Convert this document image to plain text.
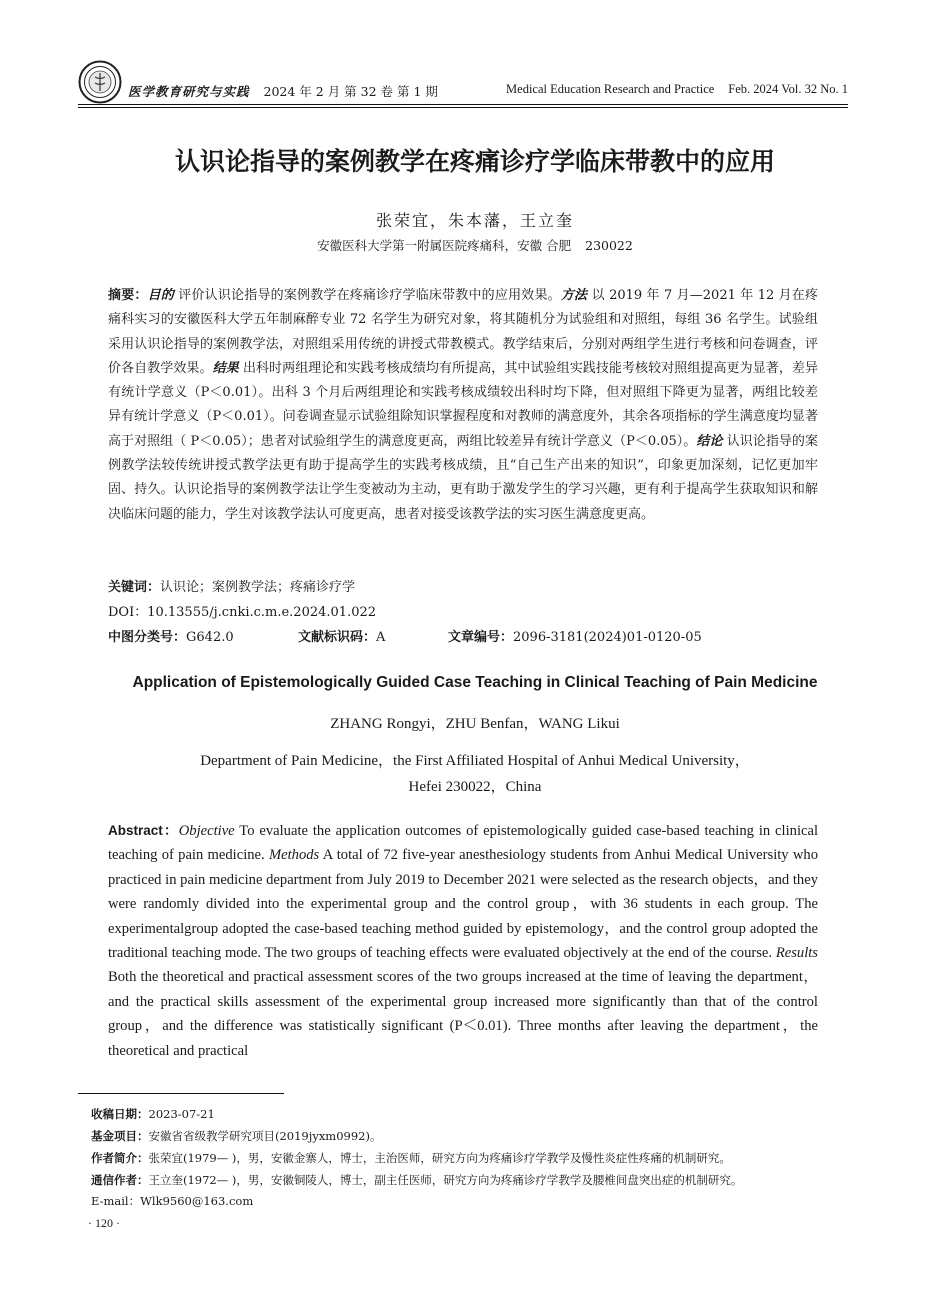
医学教育研究与实践 2024 年 2 月 第 32 卷 第 1 期	Medical Education Research and Practice Feb. 2024 Vol. 32 No. 1
认识论指导的案例教学在疼痛诊疗学临床带教中的应用
张荣宜，朱本藩，王立奎
安徽医科大学第一附属医院疼痛科，安徽 合肥 230022
摘要：目的 评价认识论指导的案例教学在疼痛诊疗学临床带教中的应用效果。方法 以 2019 年 7 月—2021 年 12 月在疼痛科实习的安徽医科大学五年制麻醉专业 72 名学生为研究对象，将其随机分为试验组和对照组，每组 36 名学生。试验组采用认识论指导的案例教学法，对照组采用传统的讲授式带教模式。教学结束后，分别对两组学生进行考核和问卷调查，评价各自教学效果。结果 出科时两组理论和实践考核成绩均有所提高，其中试验组实践技能考核较对照组提高更为显著，差异有统计学意义（P＜0.01）。出科 3 个月后两组理论和实践考核成绩较出科时均下降，但对照组下降更为显著，两组比较差异有统计学意义（P＜0.01）。问卷调查显示试验组除知识掌握程度和对教师的满意度外，其余各项指标的学生满意度均显著高于对照组（ P＜0.05）；患者对试验组学生的满意度更高，两组比较差异有统计学意义（P＜0.05）。结论 认识论指导的案例教学法较传统讲授式教学法更有助于提高学生的实践考核成绩，且“自己生产出来的知识”，印象更加深刻，记忆更加牢固、持久。认识论指导的案例教学法让学生变被动为主动，更有助于激发学生的学习兴趣，更有利于提高学生获取知识和解决临床问题的能力，学生对该教学法认可度更高，患者对接受该教学法的实习医生满意度更高。
关键词：认识论；案例教学法；疼痛诊疗学
DOI：10.13555/j.cnki.c.m.e.2024.01.022
中图分类号：G642.0	文献标识码：A	文章编号：2096-3181(2024)01-0120-05
Application of Epistemologically Guided Case Teaching in Clinical Teaching of Pain Medicine
ZHANG Rongyi，ZHU Benfan，WANG Likui
Department of Pain Medicine，the First Affiliated Hospital of Anhui Medical University，
Hefei 230022，China
Abstract：Objective To evaluate the application outcomes of epistemologically guided case-based teaching in clinical teaching of pain medicine. Methods A total of 72 five-year anesthesiology students from Anhui Medical University who practiced in pain medicine department from July 2019 to December 2021 were selected as the research objects，and they were randomly divided into the experimental group and the control group，with 36 students in each group. The experimentalgroup adopted the case-based teaching method guided by epistemology，and the control group adopted the traditional teaching mode. The two groups of teaching effects were evaluated objectively at the end of the course. Results Both the theoretical and practical assessment scores of the two groups increased at the time of leaving the department，and the practical skills assessment of the experimental group increased more significantly than that of the control group，and the difference was statistically significant (P＜0.01). Three months after leaving the department，the theoretical and practical
收稿日期：2023-07-21
基金项目：安徽省省级教学研究项目(2019jyxm0992)。
作者简介：张荣宜(1979— )，男，安徽金寨人，博士，主治医师，研究方向为疼痛诊疗学教学及慢性炎症性疼痛的机制研究。
通信作者：王立奎(1972— )，男，安徽铜陵人，博士，副主任医师，研究方向为疼痛诊疗学教学及腰椎间盘突出症的机制研究。
E-mail：Wlk9560@163.com
· 120 ·
